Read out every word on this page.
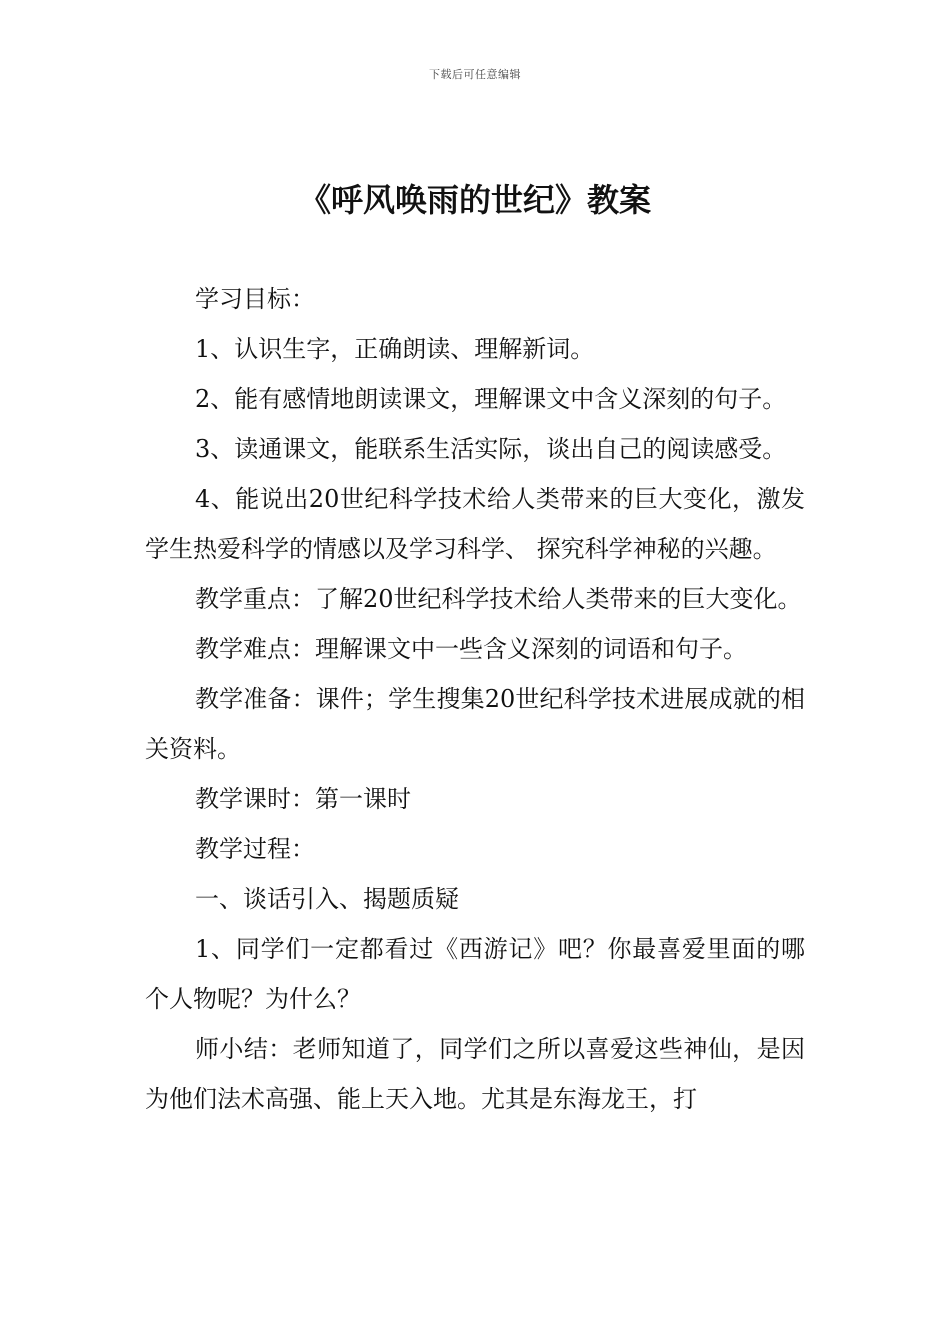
下载后可任意编辑
《呼风唤雨的世纪》教案

学习目标：

1、认识生字，正确朗读、理解新词。

2、能有感情地朗读课文，理解课文中含义深刻的句子。

3、读通课文，能联系生活实际，谈出自己的阅读感受。

4、能说出20世纪科学技术给人类带来的巨大变化，激发学生热爱科学的情感以及学习科学、 探究科学神秘的兴趣。

教学重点：了解20世纪科学技术给人类带来的巨大变化。

教学难点：理解课文中一些含义深刻的词语和句子。

教学准备：课件；学生搜集20世纪科学技术进展成就的相关资料。

教学课时：第一课时

教学过程：

一、谈话引入、揭题质疑

1、同学们一定都看过《西游记》吧？你最喜爱里面的哪个人物呢？为什么？

师小结：老师知道了，同学们之所以喜爱这些神仙，是因为他们法术高强、能上天入地。尤其是东海龙王，打
